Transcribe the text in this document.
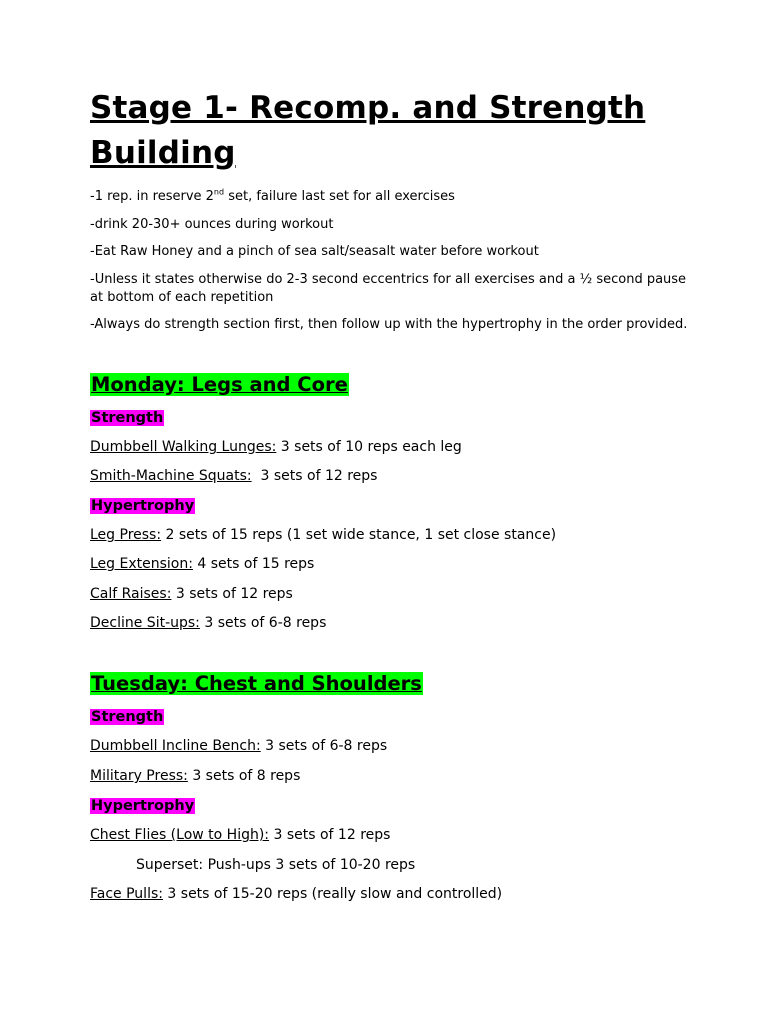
Stage 1- Recomp. and Strength Building

-1 rep. in reserve 2nd set, failure last set for all exercises

-drink 20-30+ ounces during workout

-Eat Raw Honey and a pinch of sea salt/seasalt water before workout

-Unless it states otherwise do 2-3 second eccentrics for all exercises and a ½ second pause at bottom of each repetition

-Always do strength section first, then follow up with the hypertrophy in the order provided.

Monday: Legs and Core

Strength

Dumbbell Walking Lunges: 3 sets of 10 reps each leg

Smith-Machine Squats:  3 sets of 12 reps

Hypertrophy

Leg Press: 2 sets of 15 reps (1 set wide stance, 1 set close stance)

Leg Extension: 4 sets of 15 reps

Calf Raises: 3 sets of 12 reps

Decline Sit-ups: 3 sets of 6-8 reps

Tuesday: Chest and Shoulders

Strength

Dumbbell Incline Bench: 3 sets of 6-8 reps

Military Press: 3 sets of 8 reps

Hypertrophy

Chest Flies (Low to High): 3 sets of 12 reps

Superset: Push-ups 3 sets of 10-20 reps

Face Pulls: 3 sets of 15-20 reps (really slow and controlled)
